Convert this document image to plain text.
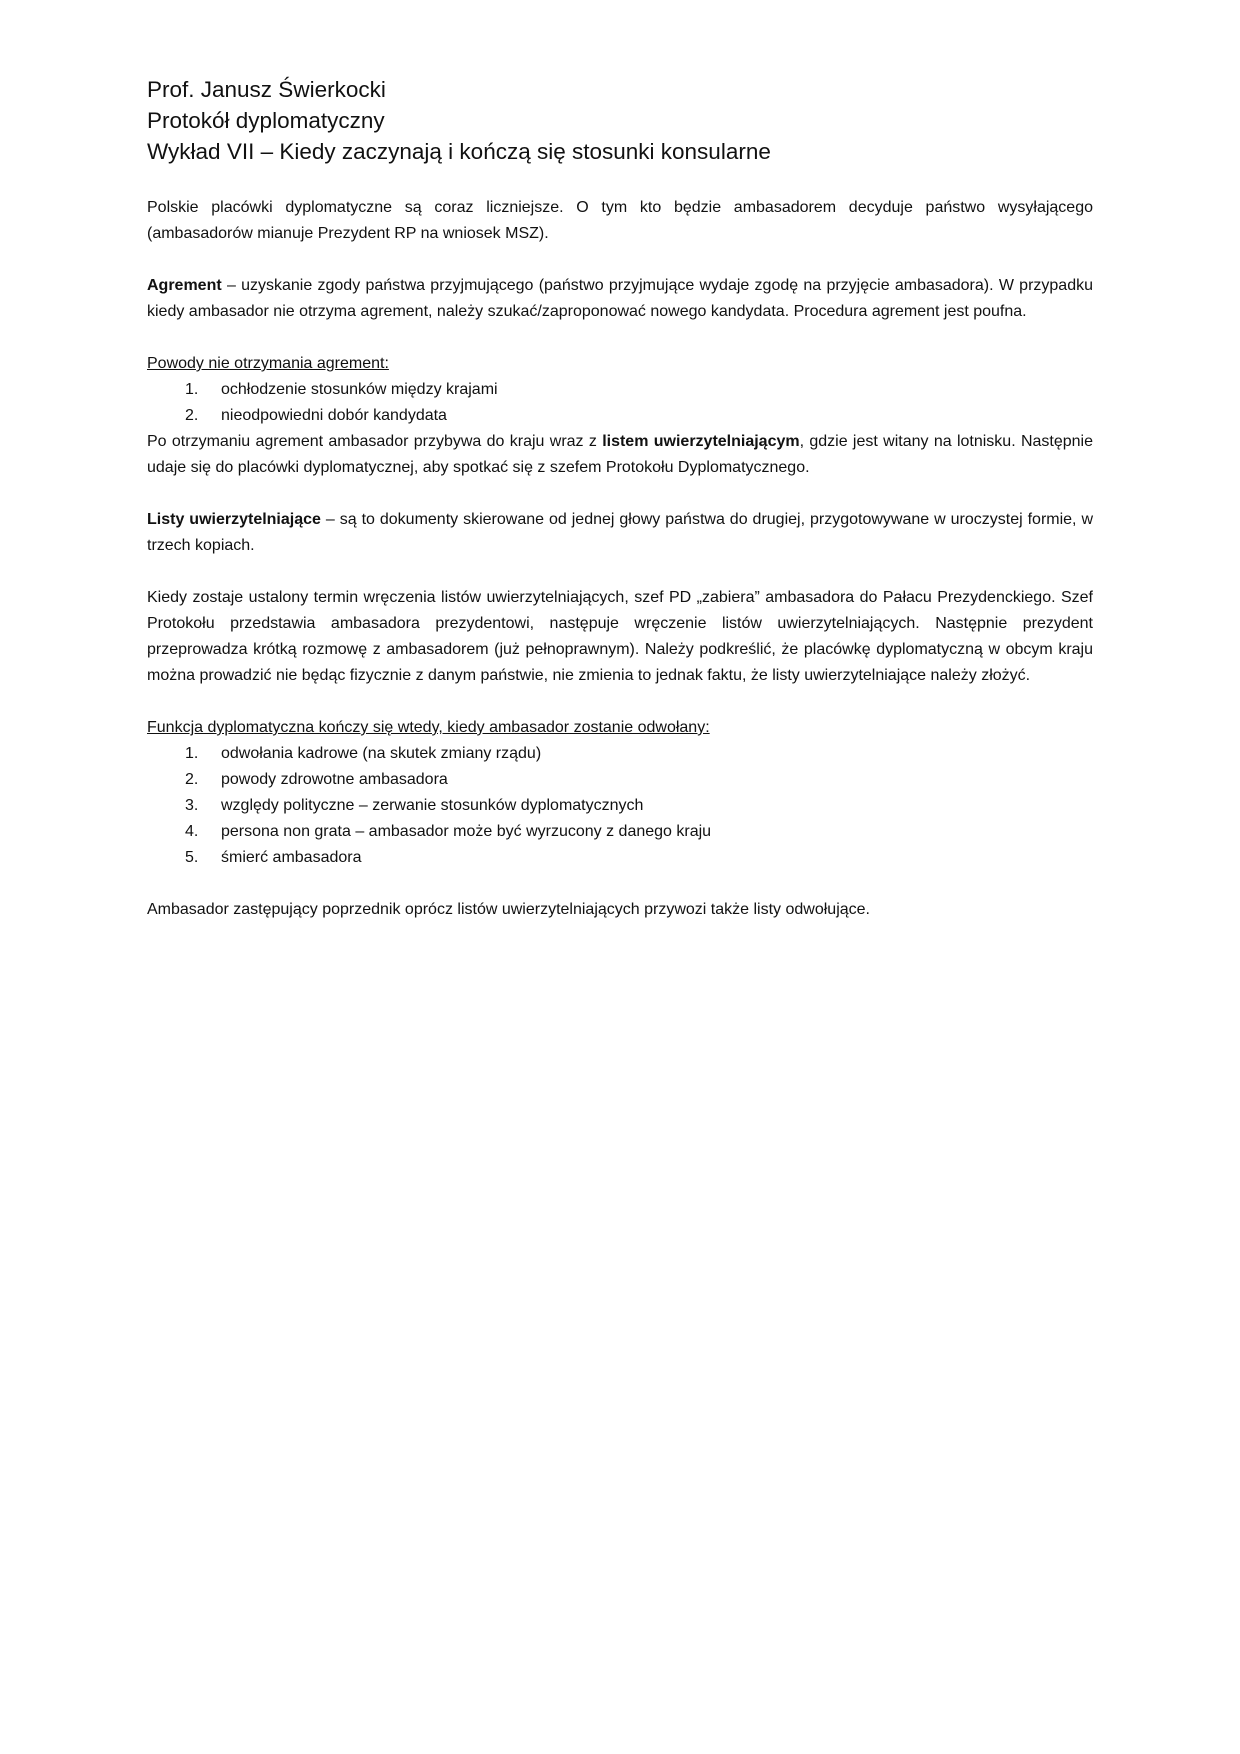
Prof. Janusz Świerkocki
Protokół dyplomatyczny
Wykład VII – Kiedy zaczynają i kończą się stosunki konsularne

Polskie placówki dyplomatyczne są coraz liczniejsze. O tym kto będzie ambasadorem decyduje państwo wysyłającego (ambasadorów mianuje Prezydent RP na wniosek MSZ).

Agrement – uzyskanie zgody państwa przyjmującego (państwo przyjmujące wydaje zgodę na przyjęcie ambasadora). W przypadku kiedy ambasador nie otrzyma agrement, należy szukać/zaproponować nowego kandydata. Procedura agrement jest poufna.

Powody nie otrzymania agrement:

1.	ochłodzenie stosunków między krajami
2.	nieodpowiedni dobór kandydata

Po otrzymaniu agrement ambasador przybywa do kraju wraz z listem uwierzytelniającym, gdzie jest witany na lotnisku. Następnie udaje się do placówki dyplomatycznej, aby spotkać się z szefem Protokołu Dyplomatycznego.

Listy uwierzytelniające – są to dokumenty skierowane od jednej głowy państwa do drugiej, przygotowywane w uroczystej formie, w trzech kopiach.

Kiedy zostaje ustalony termin wręczenia listów uwierzytelniających, szef PD „zabiera” ambasadora do Pałacu Prezydenckiego. Szef Protokołu przedstawia ambasadora prezydentowi, następuje wręczenie listów uwierzytelniających. Następnie prezydent przeprowadza krótką rozmowę z ambasadorem (już pełnoprawnym). Należy podkreślić, że placówkę dyplomatyczną w obcym kraju można prowadzić nie będąc fizycznie z danym państwie, nie zmienia to jednak faktu, że listy uwierzytelniające należy złożyć.

Funkcja dyplomatyczna kończy się wtedy, kiedy ambasador zostanie odwołany:

1.	odwołania kadrowe (na skutek zmiany rządu)
2.	powody zdrowotne ambasadora
3.	względy polityczne – zerwanie stosunków dyplomatycznych
4.	persona non grata – ambasador może być wyrzucony z danego kraju
5.	śmierć ambasadora

Ambasador zastępujący poprzednik oprócz listów uwierzytelniających przywozi także listy odwołujące.
